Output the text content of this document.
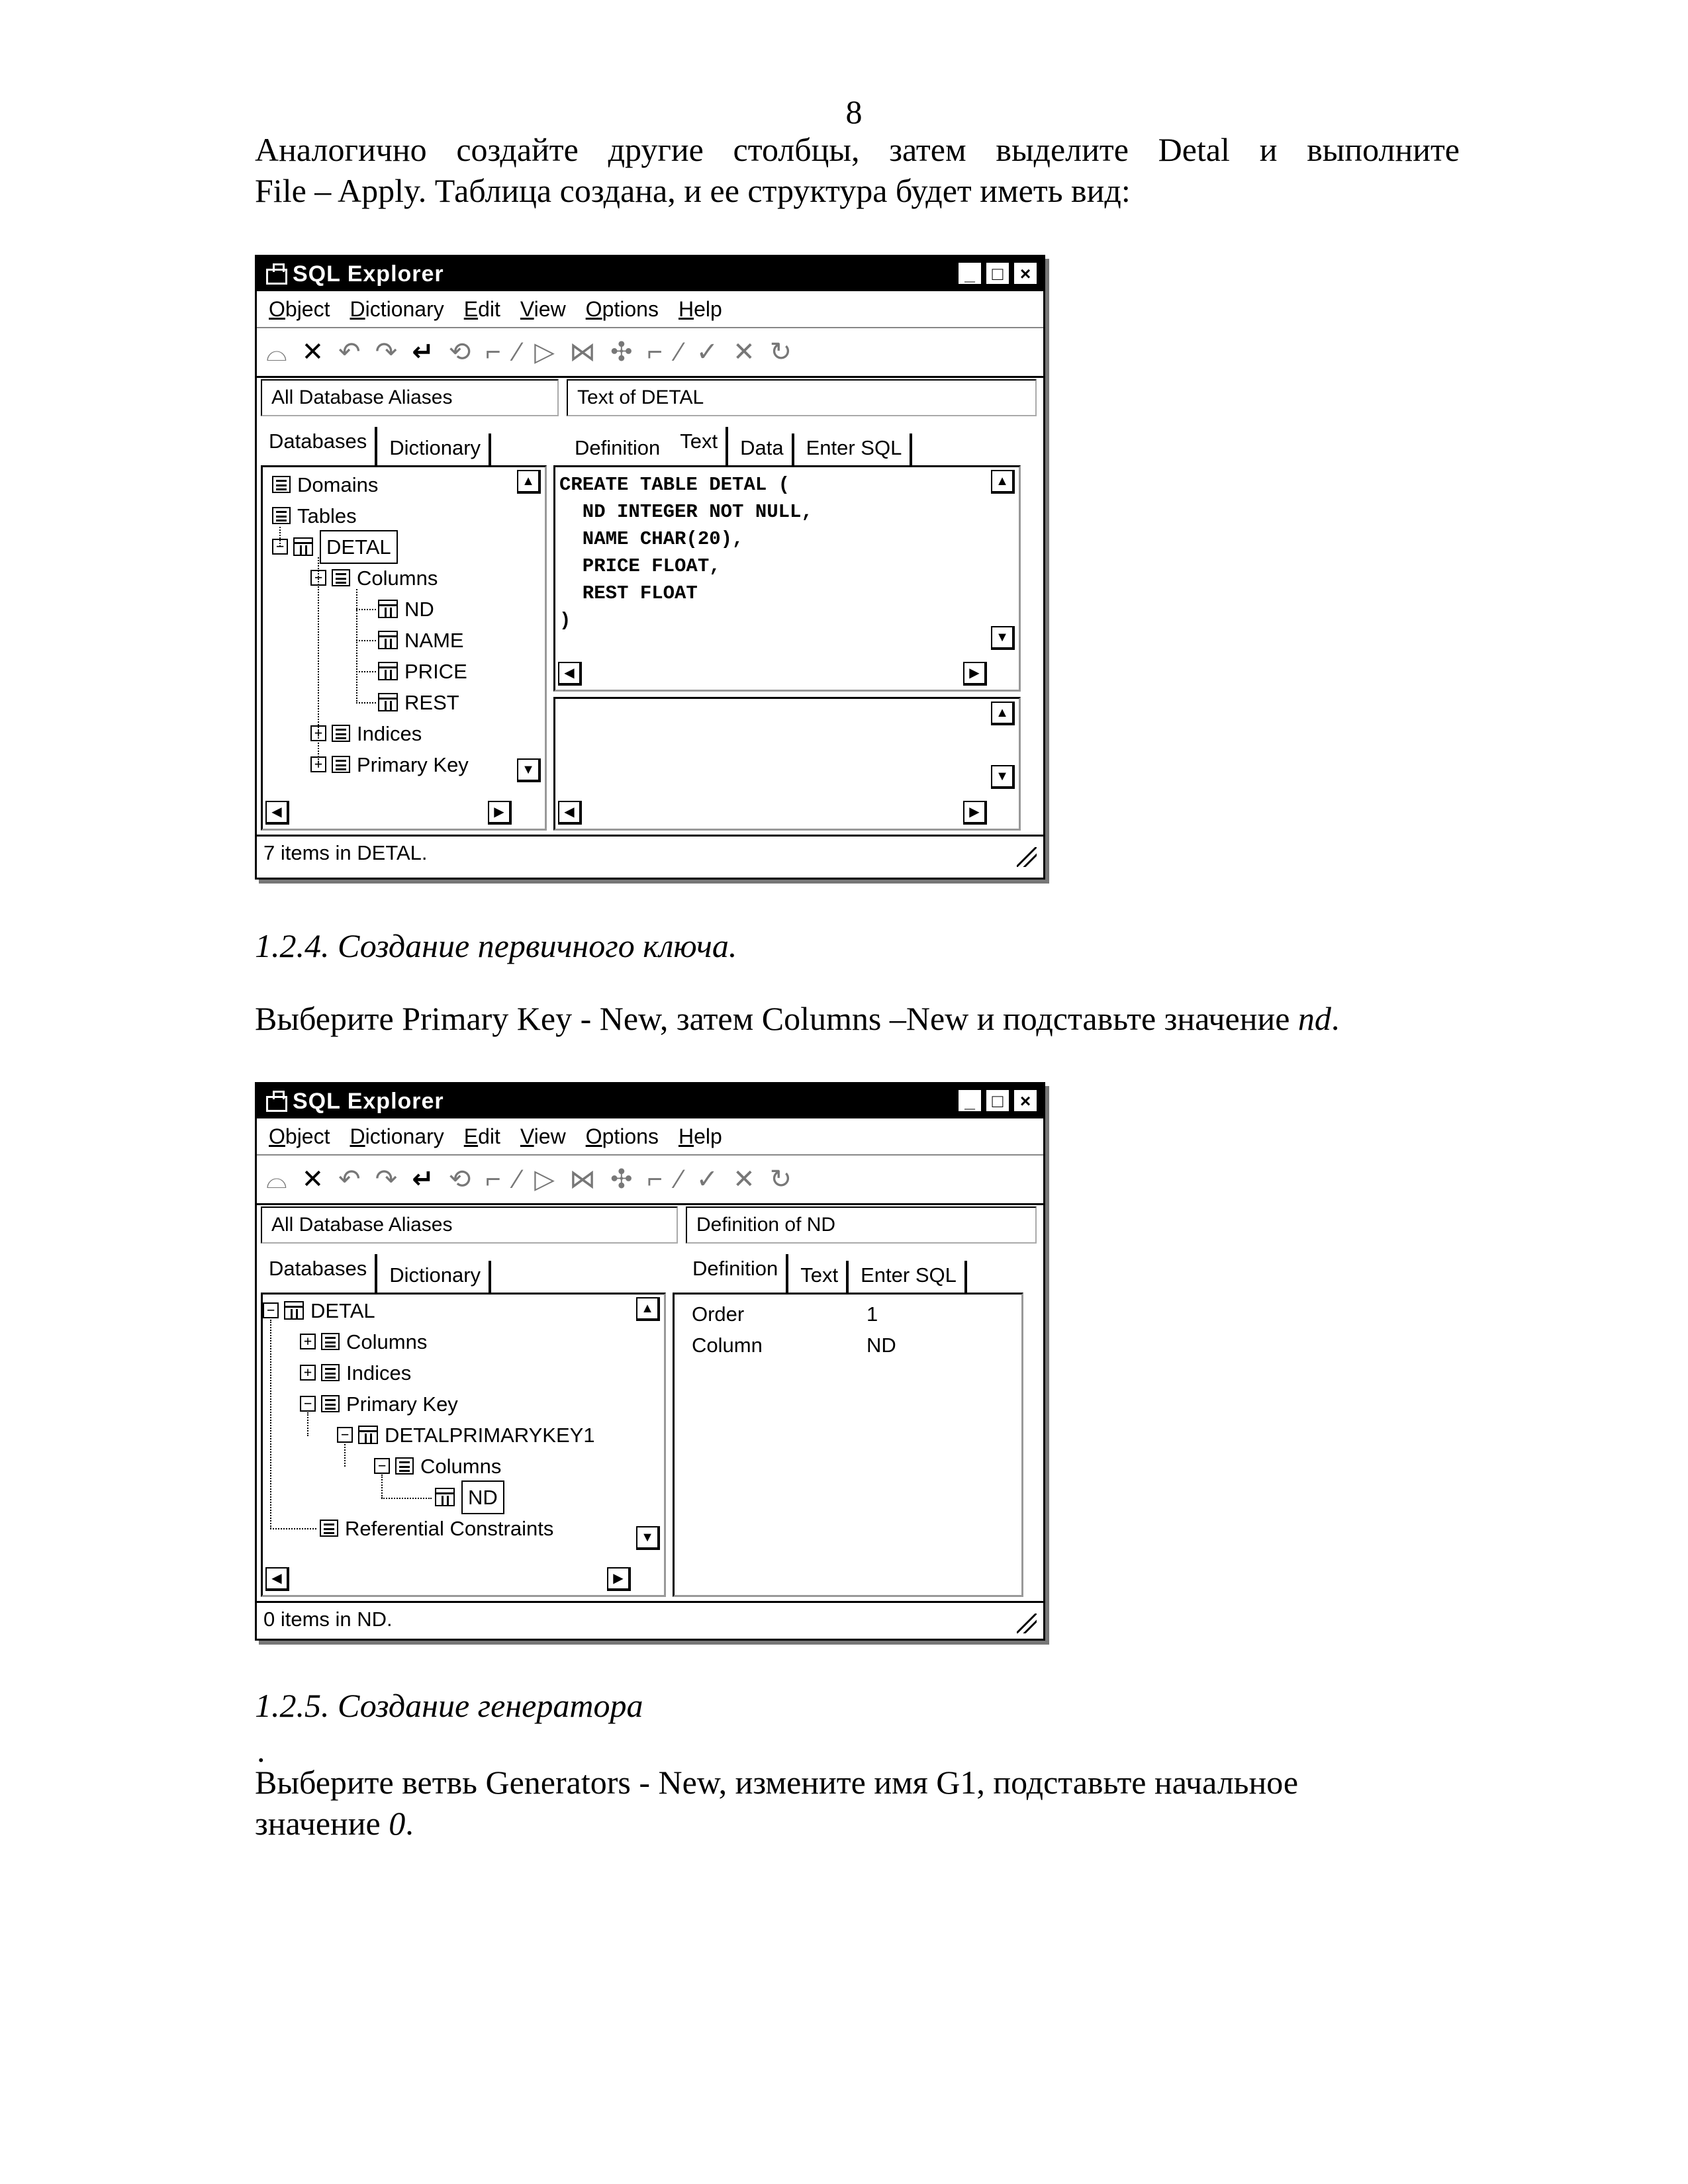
8

Аналогично создайте другие столбцы, затем выделите Detal и выполните

File – Apply. Таблица создана, и ее структура будет иметь вид:

SQL Explorer	_ □ ×
Object Dictionary Edit View Options Help
⌓ ✕ ↶ ↷ ↵ ⟲ ⌐ ⁄ ▷ ⋈ ✣ ⌐ ∕ ✓ ✕ ↻
All Database Aliases	Text of DETAL
Databases	Dictionary	Definition Text	Data	Enter SQL
Domains
Tables
−	DETAL
− Columns
ND
NAME
PRICE
REST
+ Indices
+ Primary Key
▲
▼
◀	▶
CREATE TABLE DETAL (
ND INTEGER NOT NULL,
NAME CHAR(20),
PRICE FLOAT,
REST FLOAT
)
▲
▼
◀	▶
▲
▼
◀	▶
7 items in DETAL.

1.2.4. Создание первичного ключа.

Выберите Primary Key - New, затем Columns –New и подставьте значение nd.

SQL Explorer	_ □ ×
Object Dictionary Edit View Options Help
⌓ ✕ ↶ ↷ ↵ ⟲ ⌐ ⁄ ▷ ⋈ ✣ ⌐ ∕ ✓ ✕ ↻
All Database Aliases	Definition of ND
Databases	Dictionary	Definition	Text	Enter SQL
− DETAL
+ Columns
+ Indices
− Primary Key
− DETALPRIMARYKEY1
− Columns
ND
Referential Constraints
▲
▼
◀	▶
Order	1
Column	ND
0 items in ND.

1.2.5. Создание генератора

.

Выберите ветвь Generators - New, измените имя G1, подставьте начальное

значение 0.
